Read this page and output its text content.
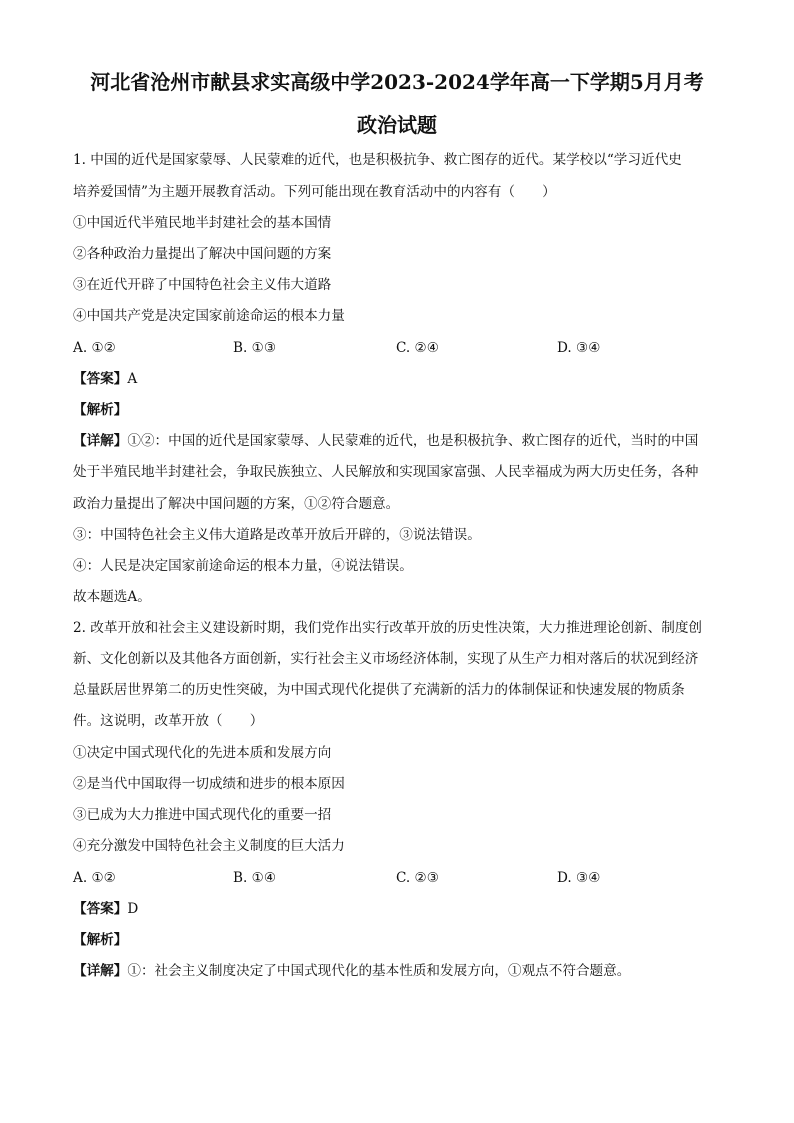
河北省沧州市献县求实高级中学2023-2024学年高一下学期5月月考
政治试题
1. 中国的近代是国家蒙辱、人民蒙难的近代，也是积极抗争、救亡图存的近代。某学校以“学习近代史
培养爱国情”为主题开展教育活动。下列可能出现在教育活动中的内容有（　　）
①中国近代半殖民地半封建社会的基本国情
②各种政治力量提出了解决中国问题的方案
③在近代开辟了中国特色社会主义伟大道路
④中国共产党是决定国家前途命运的根本力量
A. ①②	B. ①③	C. ②④	D. ③④
【答案】A
【解析】
【详解】①②：中国的近代是国家蒙辱、人民蒙难的近代，也是积极抗争、救亡图存的近代，当时的中国
处于半殖民地半封建社会，争取民族独立、人民解放和实现国家富强、人民幸福成为两大历史任务，各种
政治力量提出了解决中国问题的方案，①②符合题意。
③：中国特色社会主义伟大道路是改革开放后开辟的，③说法错误。
④：人民是决定国家前途命运的根本力量，④说法错误。
故本题选A。
2. 改革开放和社会主义建设新时期，我们党作出实行改革开放的历史性决策，大力推进理论创新、制度创
新、文化创新以及其他各方面创新，实行社会主义市场经济体制，实现了从生产力相对落后的状况到经济
总量跃居世界第二的历史性突破，为中国式现代化提供了充满新的活力的体制保证和快速发展的物质条
件。这说明，改革开放（　　）
①决定中国式现代化的先进本质和发展方向
②是当代中国取得一切成绩和进步的根本原因
③已成为大力推进中国式现代化的重要一招
④充分激发中国特色社会主义制度的巨大活力
A. ①②	B. ①④	C. ②③	D. ③④
【答案】D
【解析】
【详解】①：社会主义制度决定了中国式现代化的基本性质和发展方向，①观点不符合题意。
